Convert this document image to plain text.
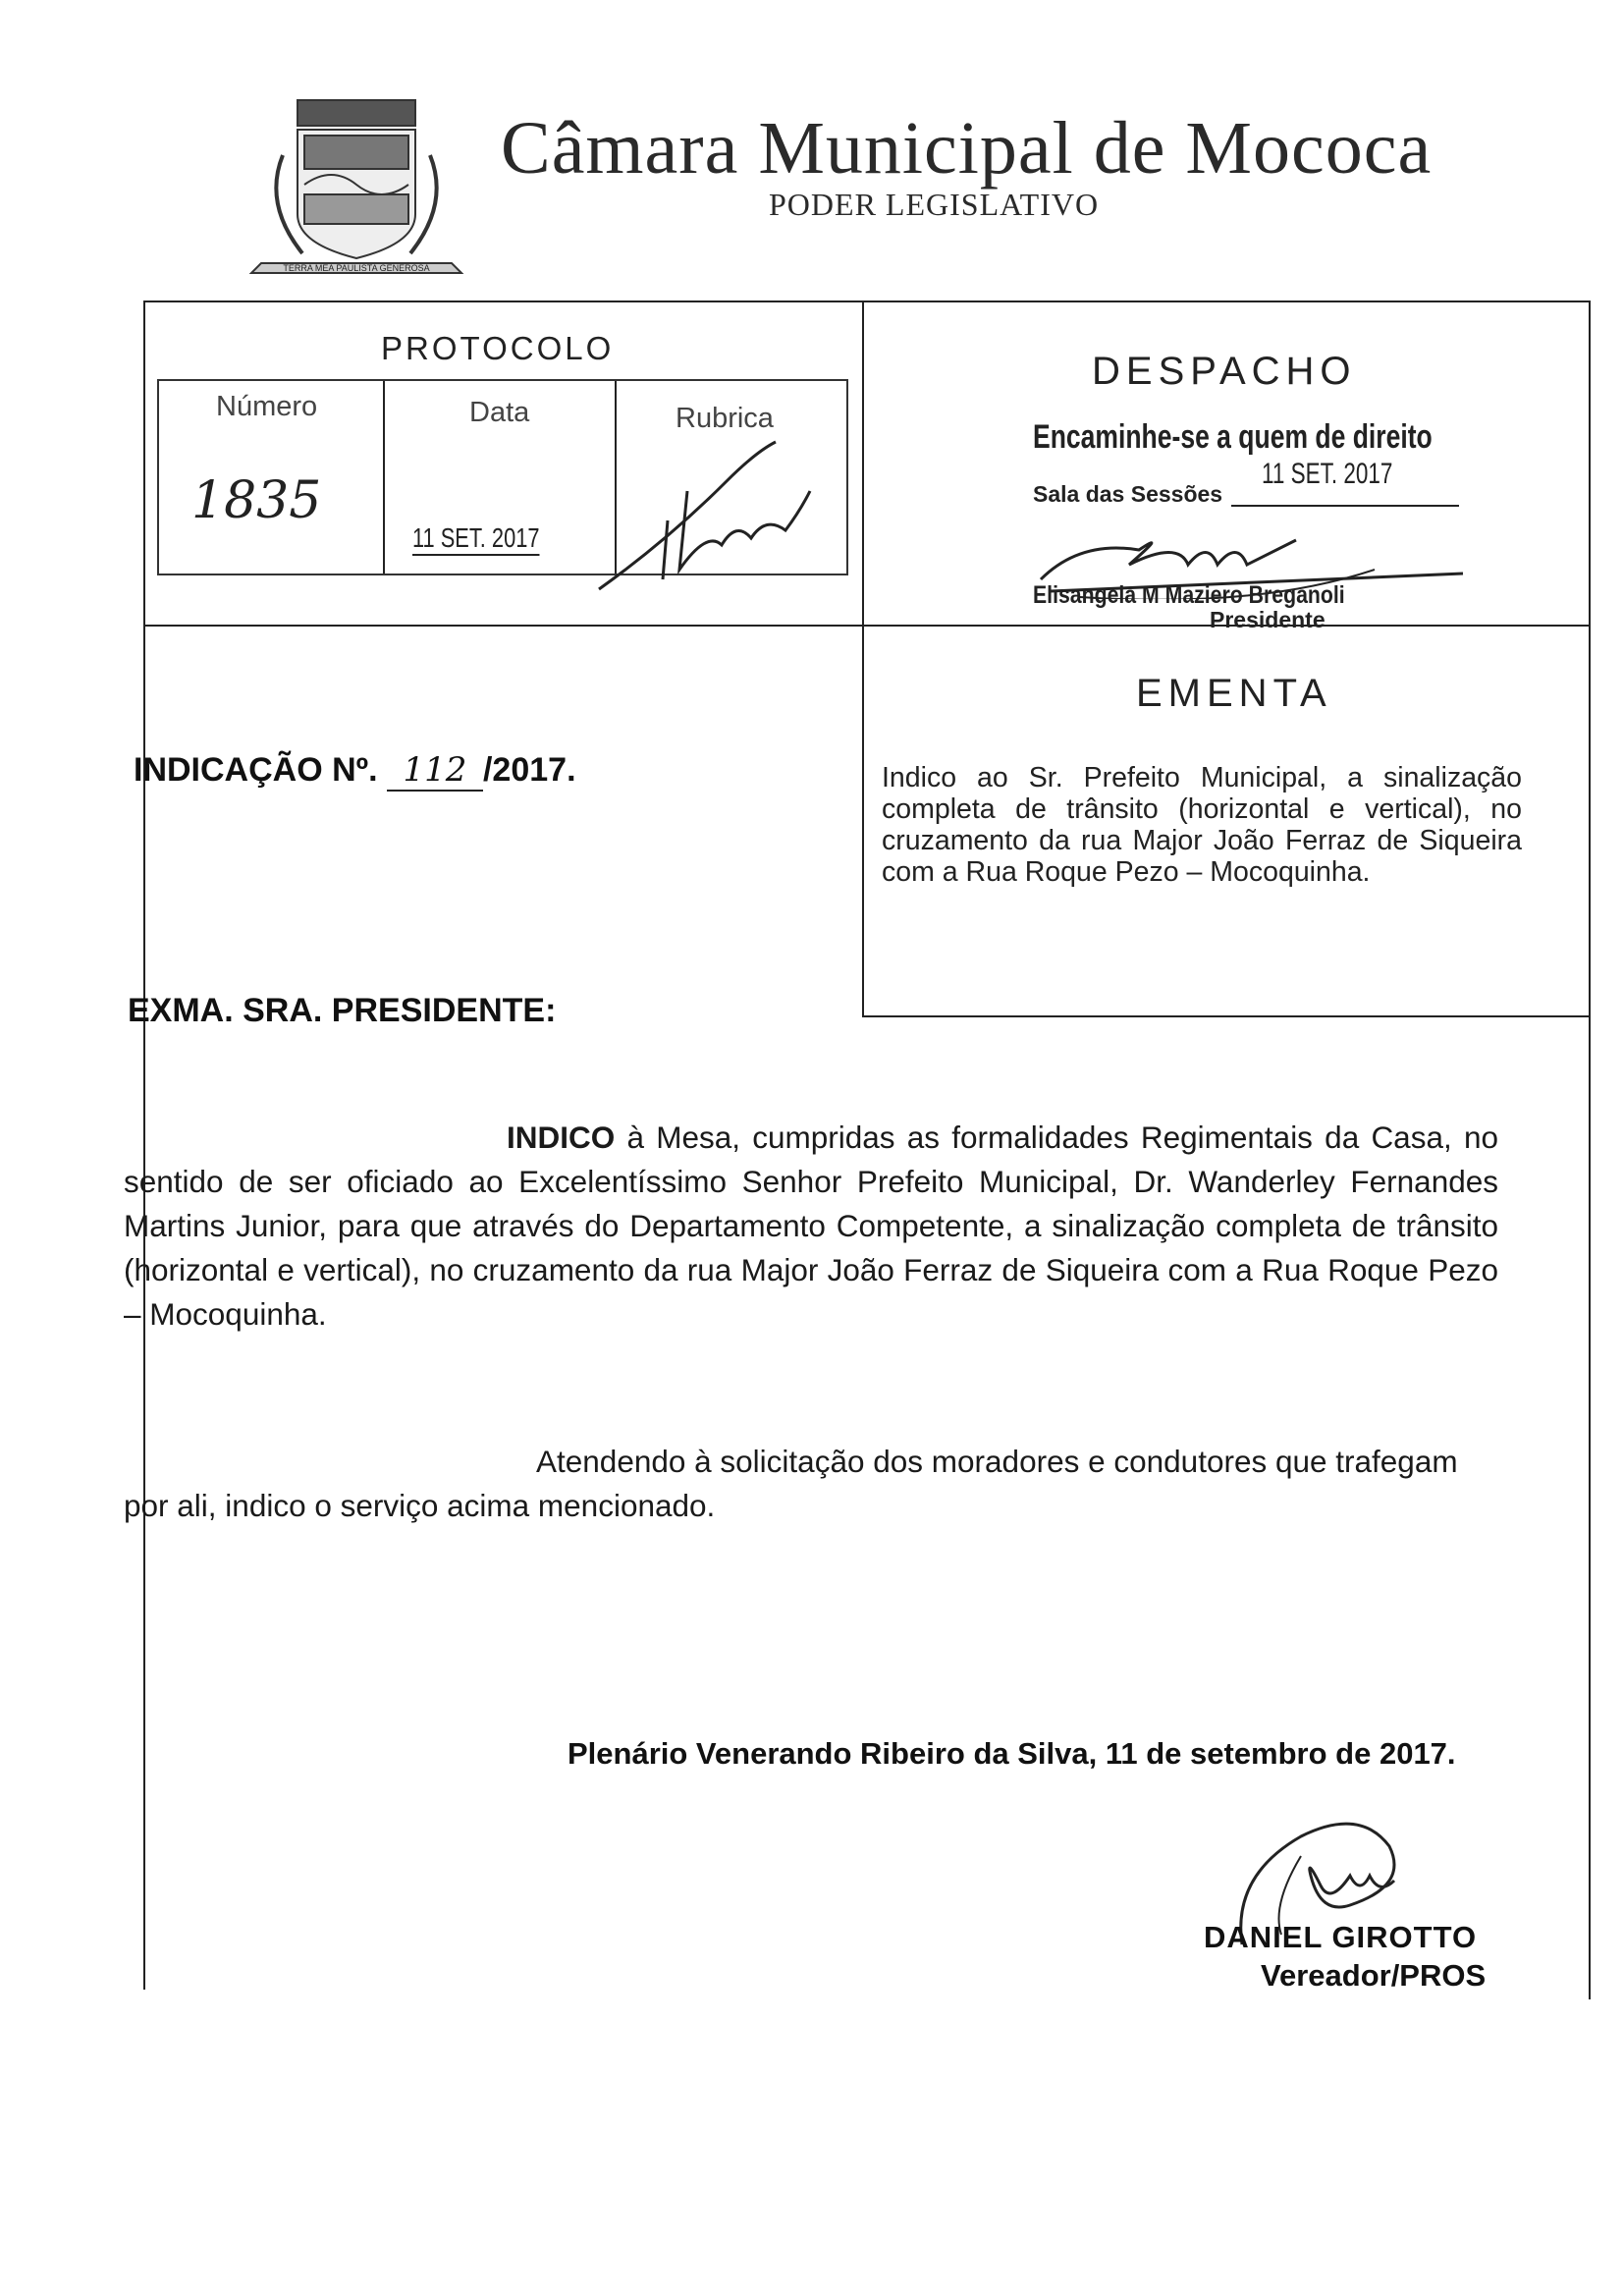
TERRA MEA PAULISTA GENEROSA
Câmara Municipal de Mococa
PODER LEGISLATIVO
PROTOCOLO
Número	Data	Rubrica
1835
11 SET. 2017
DESPACHO
Encaminhe-se a quem de direito
Sala das Sessões
11 SET. 2017
Elisangela M Maziero Breganoli
Presidente
EMENTA
Indico ao Sr. Prefeito Municipal, a sinalização completa de trânsito (horizontal e vertical), no cruzamento da rua Major João Ferraz de Siqueira com a Rua Roque Pezo – Mocoquinha.
INDICAÇÃO Nº. 112 /2017.
EXMA. SRA. PRESIDENTE:
INDICO à Mesa, cumpridas as formalidades Regimentais da Casa, no sentido de ser oficiado ao Excelentíssimo Senhor Prefeito Municipal, Dr. Wanderley Fernandes Martins Junior, para que através do Departamento Competente, a sinalização completa de trânsito (horizontal e vertical), no cruzamento da rua Major João Ferraz de Siqueira com a Rua Roque Pezo – Mocoquinha.
Atendendo à solicitação dos moradores e condutores que trafegam por ali, indico o serviço acima mencionado.
Plenário Venerando Ribeiro da Silva, 11 de setembro de 2017.
DANIEL GIROTTO
Vereador/PROS
